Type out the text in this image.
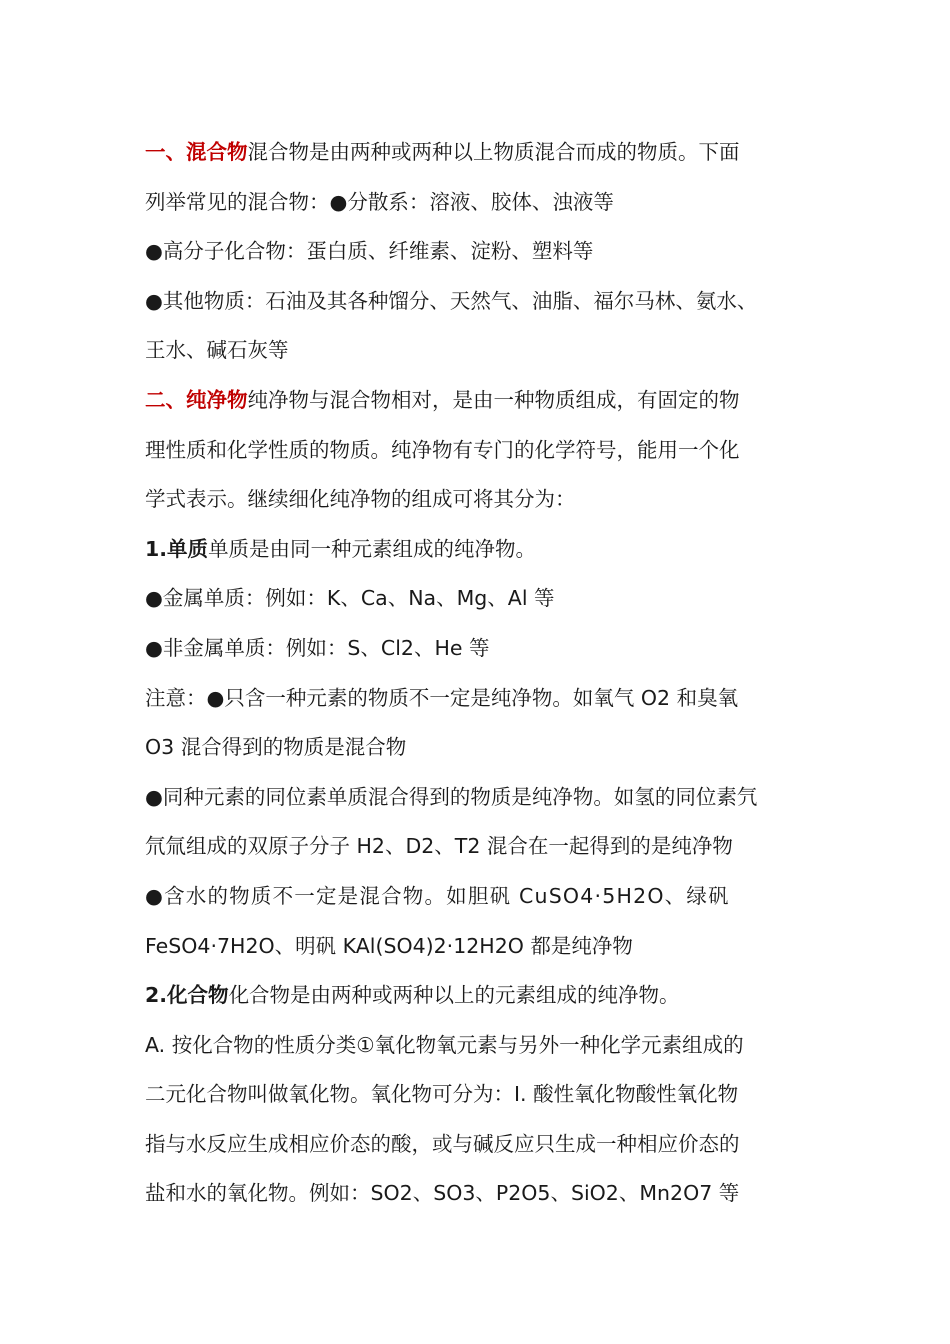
一、混合物混合物是由两种或两种以上物质混合而成的物质。下面
列举常见的混合物：●分散系：溶液、胶体、浊液等
●高分子化合物：蛋白质、纤维素、淀粉、塑料等
●其他物质：石油及其各种馏分、天然气、油脂、福尔马林、氨水、
王水、碱石灰等
二、纯净物纯净物与混合物相对，是由一种物质组成，有固定的物
理性质和化学性质的物质。纯净物有专门的化学符号，能用一个化
学式表示。继续细化纯净物的组成可将其分为：
1.单质单质是由同一种元素组成的纯净物。
●金属单质：例如：K、Ca、Na、Mg、Al 等
●非金属单质：例如：S、Cl2、He 等
注意：●只含一种元素的物质不一定是纯净物。如氧气 O2 和臭氧
O3 混合得到的物质是混合物
●同种元素的同位素单质混合得到的物质是纯净物。如氢的同位素氕
氘氚组成的双原子分子 H2、D2、T2 混合在一起得到的是纯净物
●含水的物质不一定是混合物。如胆矾 CuSO4·5H2O、绿矾
FeSO4·7H2O、明矾 KAl(SO4)2·12H2O 都是纯净物
2.化合物化合物是由两种或两种以上的元素组成的纯净物。
A. 按化合物的性质分类①氧化物氧元素与另外一种化学元素组成的
二元化合物叫做氧化物。氧化物可分为：I. 酸性氧化物酸性氧化物
指与水反应生成相应价态的酸，或与碱反应只生成一种相应价态的
盐和水的氧化物。例如：SO2、SO3、P2O5、SiO2、Mn2O7 等
